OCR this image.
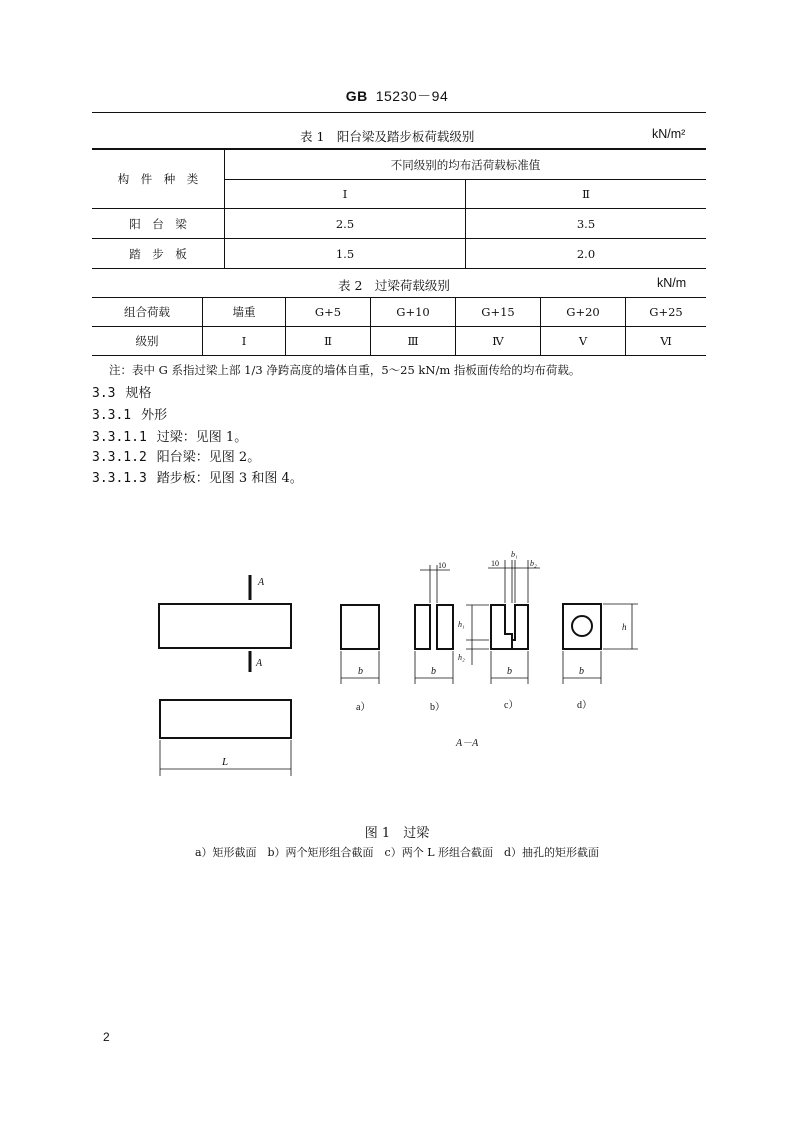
GB 15230－94
表 1　阳台梁及踏步板荷载级别	kN/m²
构　件　种　类	不同级别的均布活荷载标准值	
	Ⅰ	Ⅱ
阳　台　梁	2.5	3.5
踏　步　板	1.5	2.0
表 2　过梁荷载级别	kN/m
组合荷载	墙重	G+5	G+10	G+15	G+20	G+25
级别	Ⅰ	Ⅱ	Ⅲ	Ⅳ	Ⅴ	Ⅵ
注：表中 G 系指过梁上部 1/3 净跨高度的墙体自重，5～25 kN/m 指板面传给的均布荷载。
3.3 规格
3.3.1 外形
3.3.1.1 过梁：见图 1。
3.3.1.2 阳台梁：见图 2。
3.3.1.3 踏步板：见图 3 和图 4。
A
A
L
b
a）
10
b
b）
10
b₁
b₂
h₁
h₂
b
c）
h
b
d）
A－A
图 1　过梁
a）矩形截面　b）两个矩形组合截面　c）两个 L 形组合截面　d）抽孔的矩形截面
2
